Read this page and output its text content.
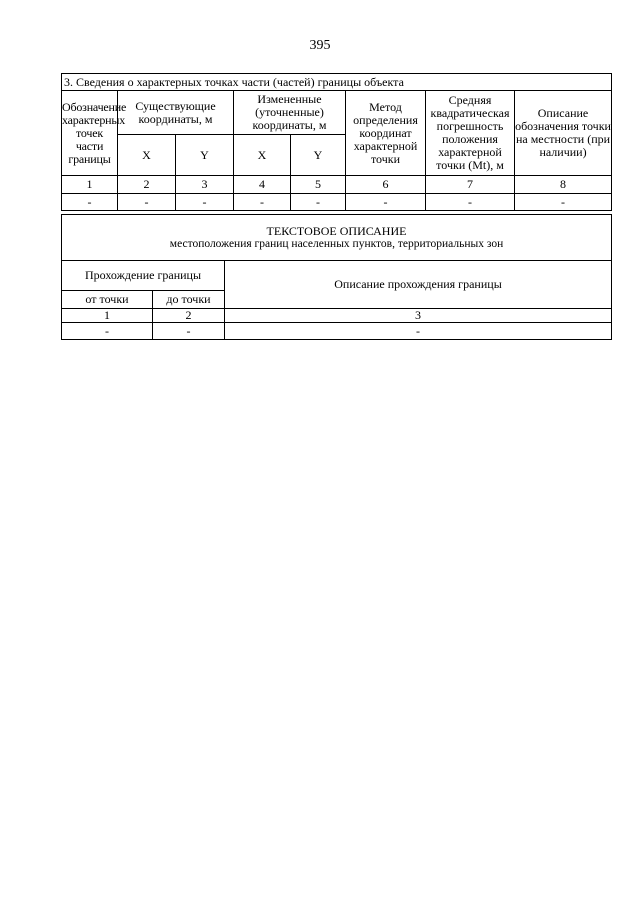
395
3. Сведения о характерных точках части (частей) границы объекта							
Обозначение характерных точек части границы	Существующие координаты, м		Измененные (уточненные) координаты, м		Метод определения координат характерной точки	Средняя квадратическая погрешность положения характерной точки (Mt), м	Описание обозначения точки на местности (при наличии)
	X	Y	X	Y			
1	2	3	4	5	6	7	8
-	-	-	-	-	-	-	-
ТЕКСТОВОЕ ОПИСАНИЕ
местоположения границ населенных пунктов, территориальных зон		

Прохождение границы		Описание прохождения границы
от точки	до точки	
1	2	3
-	-	-
